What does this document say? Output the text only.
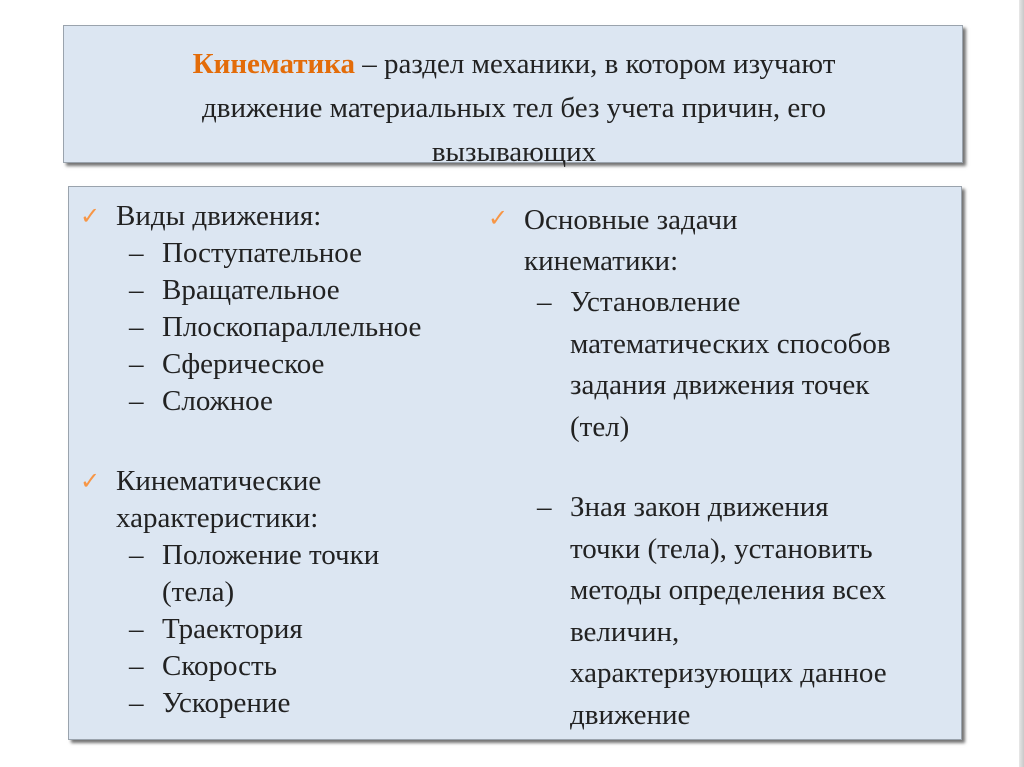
Кинематика – раздел механики, в котором изучают
движение материальных тел без учета причин, его
вызывающих
✓ Виды движения:
– Поступательное
– Вращательное
– Плоскопараллельное
– Сферическое
– Сложное
✓ Кинематические
характеристики:
– Положение точки
(тела)
– Траектория
– Скорость
– Ускорение
✓ Основные задачи
кинематики:
– Установление
математических способов
задания движения точек
(тел)
– Зная закон движения
точки (тела), установить
методы определения всех
величин,
характеризующих данное
движение
